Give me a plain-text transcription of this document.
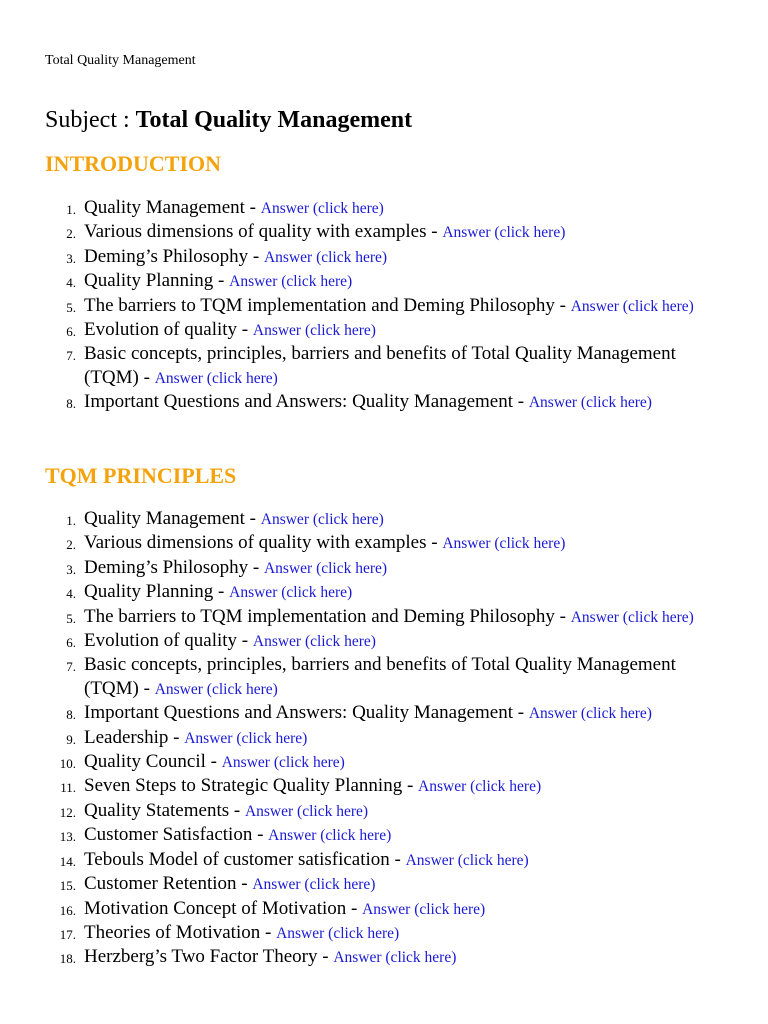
Total Quality Management
Subject : Total Quality Management
INTRODUCTION
1. Quality Management - Answer (click here)
2. Various dimensions of quality with examples - Answer (click here)
3. Deming’s Philosophy - Answer (click here)
4. Quality Planning - Answer (click here)
5. The barriers to TQM implementation and Deming Philosophy - Answer (click here)
6. Evolution of quality - Answer (click here)
7. Basic concepts, principles, barriers and benefits of Total Quality Management (TQM) - Answer (click here)
8. Important Questions and Answers: Quality Management - Answer (click here)
TQM PRINCIPLES
1. Quality Management - Answer (click here)
2. Various dimensions of quality with examples - Answer (click here)
3. Deming’s Philosophy - Answer (click here)
4. Quality Planning - Answer (click here)
5. The barriers to TQM implementation and Deming Philosophy - Answer (click here)
6. Evolution of quality - Answer (click here)
7. Basic concepts, principles, barriers and benefits of Total Quality Management (TQM) - Answer (click here)
8. Important Questions and Answers: Quality Management - Answer (click here)
9. Leadership - Answer (click here)
10. Quality Council - Answer (click here)
11. Seven Steps to Strategic Quality Planning - Answer (click here)
12. Quality Statements - Answer (click here)
13. Customer Satisfaction - Answer (click here)
14. Tebouls Model of customer satisfication - Answer (click here)
15. Customer Retention - Answer (click here)
16. Motivation Concept of Motivation - Answer (click here)
17. Theories of Motivation - Answer (click here)
18. Herzberg’s Two Factor Theory - Answer (click here)
